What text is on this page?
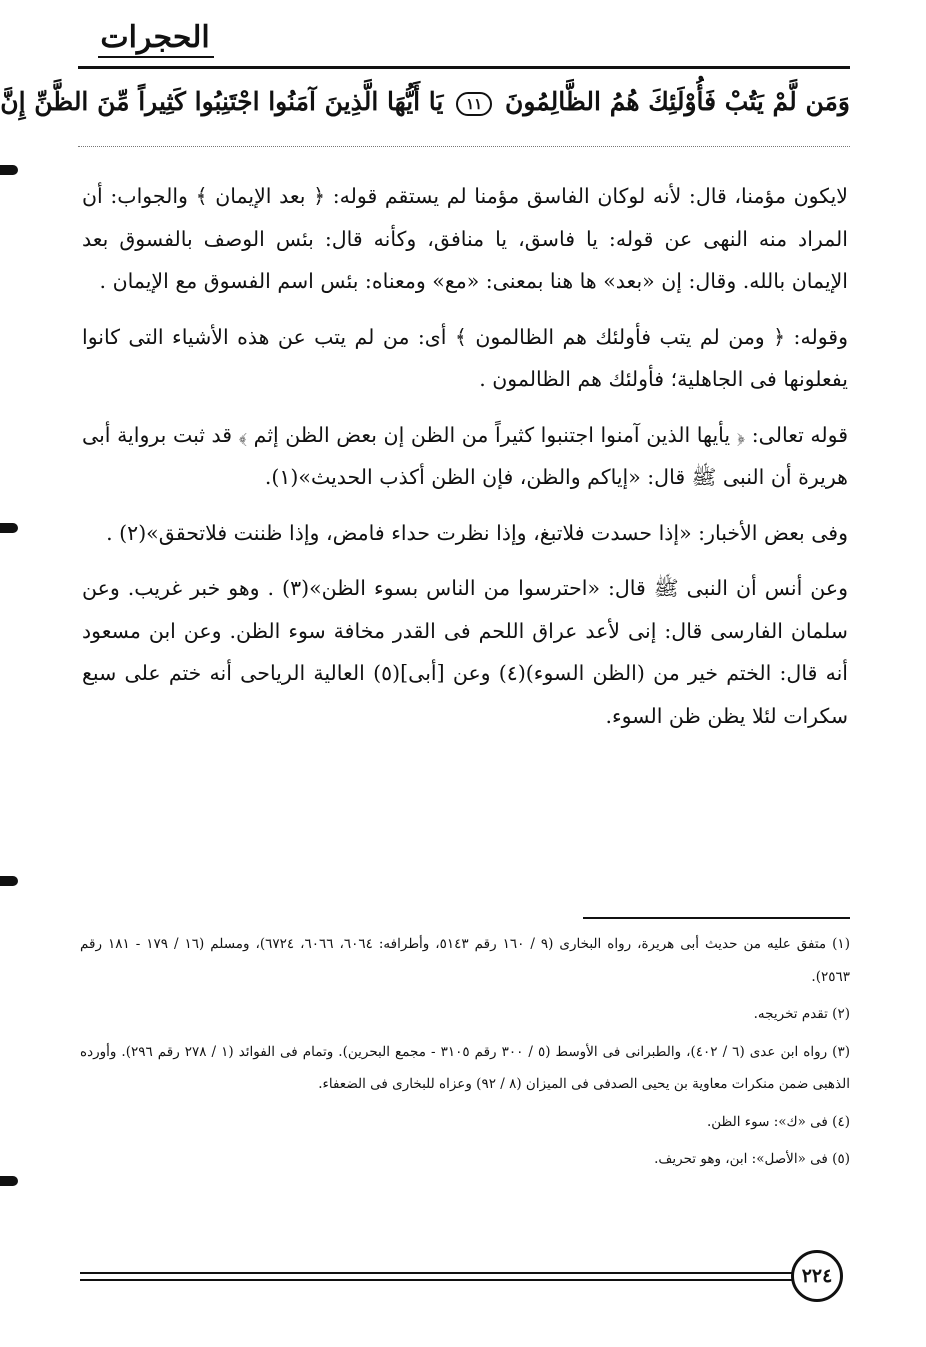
الحجرات
وَمَن لَّمْ يَتُبْ فَأُوْلَئِكَ هُمُ الظَّالِمُونَ ١١ يَا أَيُّهَا الَّذِينَ آمَنُوا اجْتَنِبُوا كَثِيراً مِّنَ الظَّنِّ إِنَّ

لايكون مؤمنا، قال: لأنه لوكان الفاسق مؤمنا لم يستقم قوله: ﴿ بعد الإيمان ﴾ والجواب: أن المراد منه النهى عن قوله: يا فاسق، يا منافق، وكأنه قال: بئس الوصف بالفسوق بعد الإيمان بالله. وقال: إن «بعد» ها هنا بمعنى: «مع» ومعناه: بئس اسم الفسوق مع الإيمان .

وقوله: ﴿ ومن لم يتب فأولئك هم الظالمون ﴾ أى: من لم يتب عن هذه الأشياء التى كانوا يفعلونها فى الجاهلية؛ فأولئك هم الظالمون .

قوله تعالى: ﴿ يأيها الذين آمنوا اجتنبوا كثيراً من الظن إن بعض الظن إثم ﴾ قد ثبت برواية أبى هريرة أن النبى ﷺ قال: «إياكم والظن، فإن الظن أكذب الحديث»(١).

وفى بعض الأخبار: «إذا حسدت فلاتبغ، وإذا نظرت حداء فامض، وإذا ظننت فلاتحقق»(٢) .

وعن أنس أن النبى ﷺ قال: «احترسوا من الناس بسوء الظن»(٣) . وهو خبر غريب. وعن سلمان الفارسى قال: إنى لأعد عراق اللحم فى القدر مخافة سوء الظن. وعن ابن مسعود أنه قال: الختم خير من (الظن السوء)(٤) وعن [أبى](٥) العالية الرياحى أنه ختم على سبع سكرات لئلا يظن ظن السوء.

(١) متفق عليه من حديث أبى هريرة، رواه البخارى (٩ / ١٦٠ رقم ٥١٤٣، وأطرافه: ٦٠٦٤، ٦٠٦٦، ٦٧٢٤)، ومسلم (١٦ / ١٧٩ - ١٨١ رقم ٢٥٦٣).

(٢) تقدم تخريجه.

(٣) رواه ابن عدى (٦ / ٤٠٢)، والطبرانى فى الأوسط (٥ / ٣٠٠ رقم ٣١٠٥ - مجمع البحرين). وتمام فى الفوائد (١ / ٢٧٨ رقم ٢٩٦). وأورده الذهبى ضمن منكرات معاوية بن يحيى الصدفى فى الميزان (٨ / ٩٢) وعزاه للبخارى فى الضعفاء.

(٤) فى «ك»: سوء الظن.

(٥) فى «الأصل»: ابن، وهو تحريف.

٢٢٤
